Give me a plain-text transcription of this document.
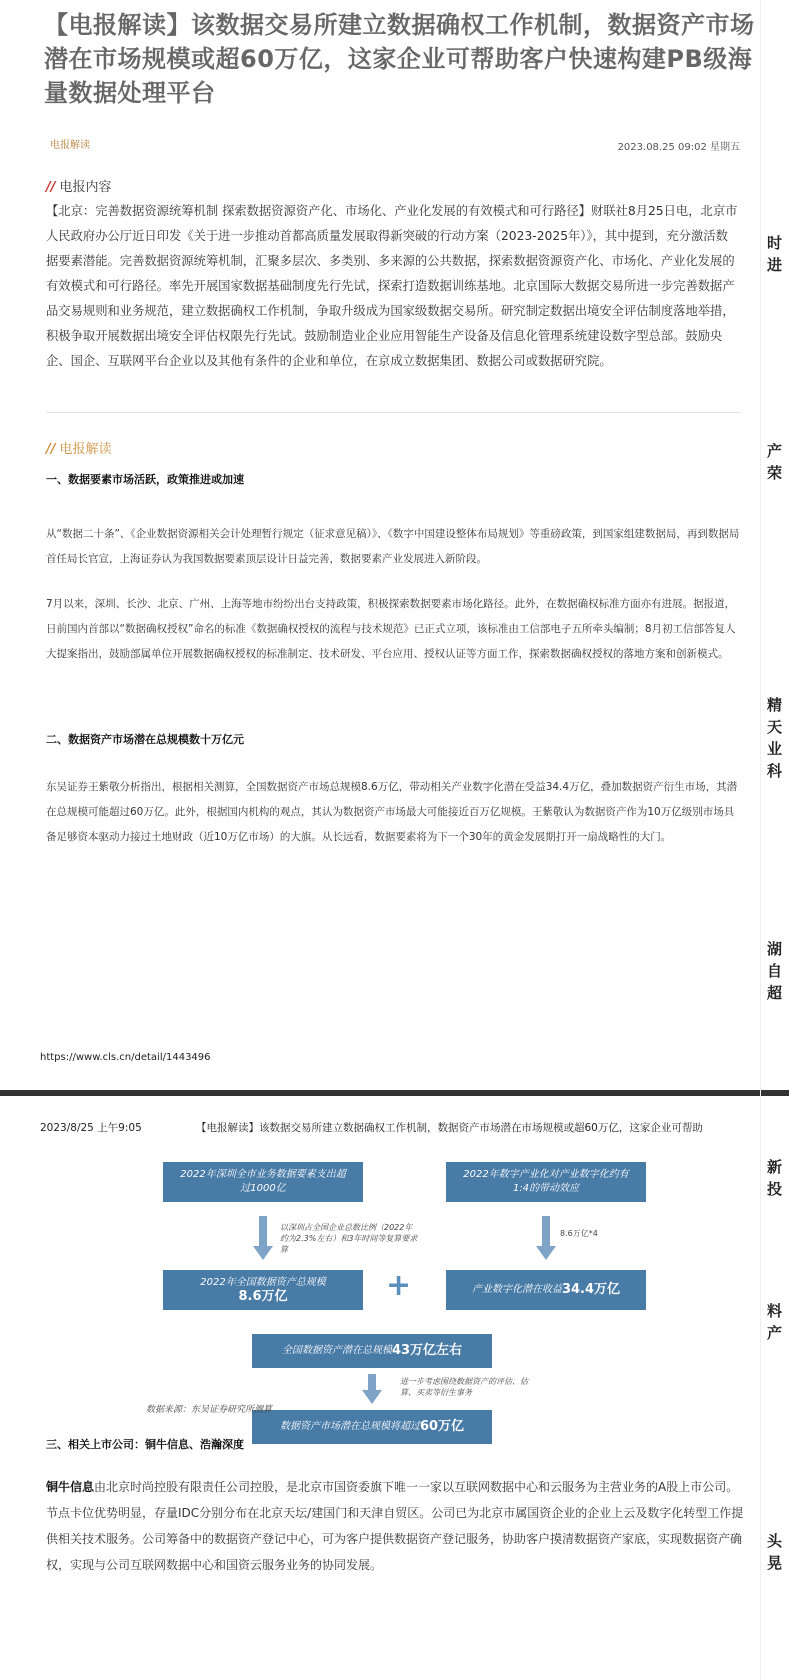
【电报解读】该数据交易所建立数据确权工作机制，数据资产市场潜在市场规模或超60万亿，这家企业可帮助客户快速构建PB级海量数据处理平台
电报解读	2023.08.25 09:02 星期五
// 电报内容

【北京：完善数据资源统筹机制 探索数据资源资产化、市场化、产业化发展的有效模式和可行路径】财联社8月25日电，北京市人民政府办公厅近日印发《关于进一步推动首都高质量发展取得新突破的行动方案（2023-2025年）》，其中提到，充分激活数据要素潜能。完善数据资源统筹机制，汇聚多层次、多类别、多来源的公共数据，探索数据资源资产化、市场化、产业化发展的有效模式和可行路径。率先开展国家数据基础制度先行先试，探索打造数据训练基地。北京国际大数据交易所进一步完善数据产品交易规则和业务规范，建立数据确权工作机制，争取升级成为国家级数据交易所。研究制定数据出境安全评估制度落地举措，积极争取开展数据出境安全评估权限先行先试。鼓励制造业企业应用智能生产设备及信息化管理系统建设数字型总部。鼓励央企、国企、互联网平台企业以及其他有条件的企业和单位，在京成立数据集团、数据公司或数据研究院。

// 电报解读
一、数据要素市场活跃，政策推进或加速

从“数据二十条”、《企业数据资源相关会计处理暂行规定（征求意见稿）》、《数字中国建设整体布局规划》等重磅政策，到国家组建数据局，再到数据局首任局长官宣，上海证券认为我国数据要素顶层设计日益完善，数据要素产业发展进入新阶段。

7月以来，深圳、长沙、北京、广州、上海等地市纷纷出台支持政策，积极探索数据要素市场化路径。此外，在数据确权标准方面亦有进展。据报道，日前国内首部以“数据确权授权”命名的标准《数据确权授权的流程与技术规范》已正式立项，该标准由工信部电子五所牵头编制；8月初工信部答复人大提案指出，鼓励部属单位开展数据确权授权的标准制定、技术研发、平台应用、授权认证等方面工作，探索数据确权授权的落地方案和创新模式。

二、数据资产市场潜在总规模数十万亿元

东吴证券王紫敬分析指出，根据相关测算，全国数据资产市场总规模8.6万亿，带动相关产业数字化潜在受益34.4万亿，叠加数据资产衍生市场，其潜在总规模可能超过60万亿。此外，根据国内机构的观点，其认为数据资产市场最大可能接近百万亿规模。王紫敬认为数据资产作为10万亿级别市场具备足够资本驱动力接过土地财政（近10万亿市场）的大旗。从长远看，数据要素将为下一个30年的黄金发展期打开一扇战略性的大门。

https://www.cls.cn/detail/1443496
2023/8/25 上午9:05	【电报解读】该数据交易所建立数据确权工作机制，数据资产市场潜在市场规模或超60万亿，这家企业可帮助
2022年深圳全市业务数据要素支出超过1000亿
2022年数字产业化对产业数字化约有1:4的带动效应
以深圳占全国企业总数比例（2022年约为2.3%左右）和3年时间等复算要求算
8.6万亿*4
2022年全国数据资产总规模
8.6万亿	+	产业数字化潜在收益 34.4万亿
全国数据资产潜在总规模 43万亿左右
进一步考虑围绕数据资产的评估、估算、买卖等衍生事务
数据资产市场潜在总规模将超过 60万亿
数据来源：东吴证券研究所测算
三、相关上市公司：铜牛信息、浩瀚深度

铜牛信息由北京时尚控股有限责任公司控股，是北京市国资委旗下唯一一家以互联网数据中心和云服务为主营业务的A股上市公司。节点卡位优势明显，存量IDC分别分布在北京天坛/建国门和天津自贸区。公司已为北京市属国资企业的企业上云及数字化转型工作提供相关技术服务。公司筹备中的数据资产登记中心，可为客户提供数据资产登记服务，协助客户摸清数据资产家底，实现数据资产确权，实现与公司互联网数据中心和国资云服务业务的协同发展。

时
进
产
荣
精
天
业
科
湖
自
超
新
投
料
产
头
晃
